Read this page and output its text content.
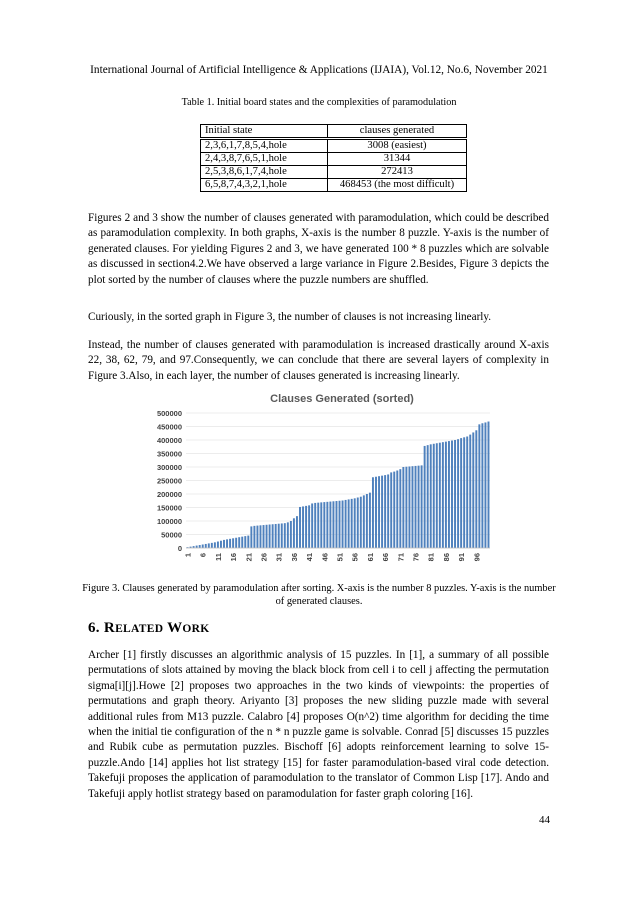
International Journal of Artificial Intelligence & Applications (IJAIA), Vol.12, No.6, November 2021
Table 1. Initial board states and the complexities of paramodulation
Initial state	clauses generated
2,3,6,1,7,8,5,4,hole	3008 (easiest)
2,4,3,8,7,6,5,1,hole	31344
2,5,3,8,6,1,7,4,hole	272413
6,5,8,7,4,3,2,1,hole	468453 (the most difficult)

Figures 2 and 3 show the number of clauses generated with paramodulation, which could be described as paramodulation complexity. In both graphs, X-axis is the number 8 puzzle. Y-axis is the number of generated clauses. For yielding Figures 2 and 3, we have generated 100 * 8 puzzles which are solvable as discussed in section4.2.We have observed a large variance in Figure 2.Besides, Figure 3 depicts the plot sorted by the number of clauses where the puzzle numbers are shuffled.

Curiously, in the sorted graph in Figure 3, the number of clauses is not increasing linearly.

Instead, the number of clauses generated with paramodulation is increased drastically around X-axis 22, 38, 62, 79, and 97.Consequently, we can conclude that there are several layers of complexity in Figure 3.Also, in each layer, the number of clauses generated is increasing linearly.

Clauses Generated (sorted)
0
50000
100000
150000
200000
250000
300000
350000
400000
450000
500000
1 6 11 16 21 26 31 36 41 46 51 56 61 66 71 76 81 86 91 96
Figure 3. Clauses generated by paramodulation after sorting. X-axis is the number 8 puzzles. Y-axis is the number of generated clauses.
6. RELATED WORK

Archer [1] firstly discusses an algorithmic analysis of 15 puzzles. In [1], a summary of all possible permutations of slots attained by moving the black block from cell i to cell j affecting the permutation sigma[i][j].Howe [2] proposes two approaches in the two kinds of viewpoints: the properties of permutations and graph theory. Ariyanto [3] proposes the new sliding puzzle made with several additional rules from M13 puzzle. Calabro [4] proposes O(n^2) time algorithm for deciding the time when the initial tie configuration of the n * n puzzle game is solvable. Conrad [5] discusses 15 puzzles and Rubik cube as permutation puzzles. Bischoff [6] adopts reinforcement learning to solve 15-puzzle.Ando [14] applies hot list strategy [15] for faster paramodulation-based viral code detection. Takefuji proposes the application of paramodulation to the translator of Common Lisp [17]. Ando and Takefuji apply hotlist strategy based on paramodulation for faster graph coloring [16].

44
